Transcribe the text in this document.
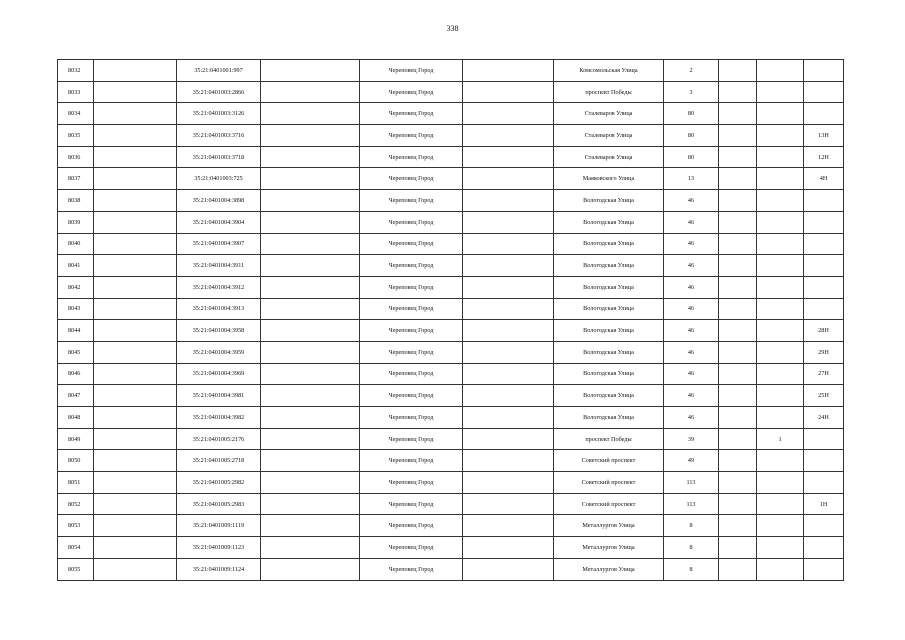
338
8032		35:21:0401001:997		Череповец Город		Комсомольская Улица	2			
8033		35:21:0401003:2866		Череповец Город		проспект Победы	3			
8034		35:21:0401003:3126		Череповец Город		Сталеваров Улица	80			
8035		35:21:0401003:3716		Череповец Город		Сталеваров Улица	80			13Н
8036		35:21:0401003:3718		Череповец Город		Сталеваров Улица	80			12Н
8037		35:21:0401003:725		Череповец Город		Маяковского Улица	13			4Н
8038		35:21:0401004:3898		Череповец Город		Вологодская Улица	46			
8039		35:21:0401004:3904		Череповец Город		Вологодская Улица	46			
8040		35:21:0401004:3907		Череповец Город		Вологодская Улица	46			
8041		35:21:0401004:3911		Череповец Город		Вологодская Улица	46			
8042		35:21:0401004:3912		Череповец Город		Вологодская Улица	46			
8043		35:21:0401004:3913		Череповец Город		Вологодская Улица	46			
8044		35:21:0401004:3958		Череповец Город		Вологодская Улица	46			28Н
8045		35:21:0401004:3959		Череповец Город		Вологодская Улица	46			29Н
8046		35:21:0401004:3969		Череповец Город		Вологодская Улица	46			27Н
8047		35:21:0401004:3981		Череповец Город		Вологодская Улица	46			25Н
8048		35:21:0401004:3982		Череповец Город		Вологодская Улица	46			24Н
8049		35:21:0401005:2176		Череповец Город		проспект Победы	39		1	
8050		35:21:0401005:2718		Череповец Город		Советский проспект	49			
8051		35:21:0401005:2982		Череповец Город		Советский проспект	113			
8052		35:21:0401005:2983		Череповец Город		Советский проспект	113			1Н
8053		35:21:0401009:1119		Череповец Город		Металлургов Улица	8			
8054		35:21:0401009:1123		Череповец Город		Металлургов Улица	8			
8055		35:21:0401009:1124		Череповец Город		Металлургов Улица	8			
